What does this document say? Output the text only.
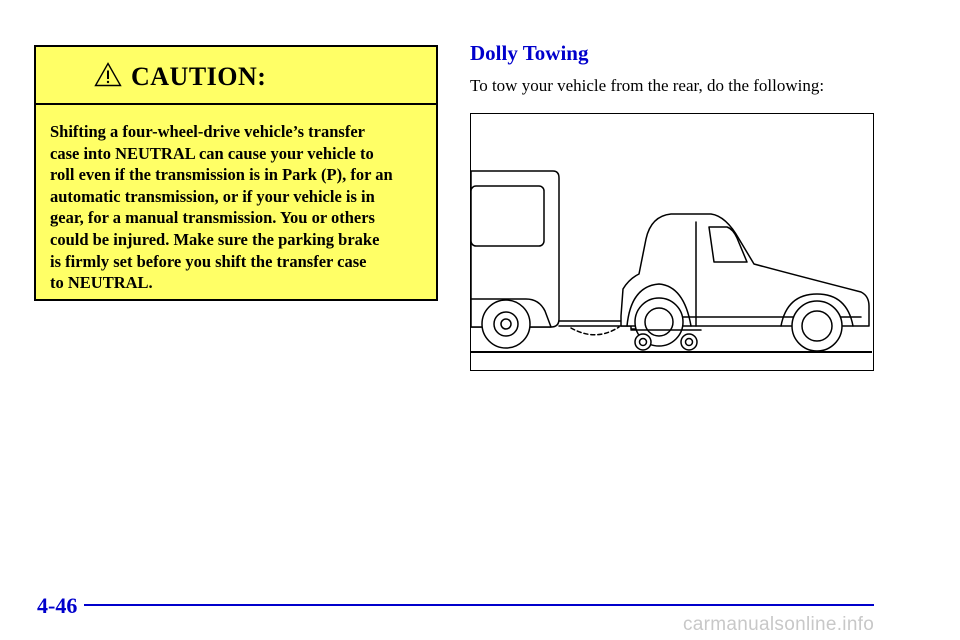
CAUTION:
Shifting a four-wheel-drive vehicle’s transfer
case into NEUTRAL can cause your vehicle to
roll even if the transmission is in Park (P), for an
automatic transmission, or if your vehicle is in
gear, for a manual transmission. You or others
could be injured. Make sure the parking brake
is firmly set before you shift the transfer case
to NEUTRAL.
Dolly Towing
To tow your vehicle from the rear, do the following:
4-46
carmanualsonline.info
